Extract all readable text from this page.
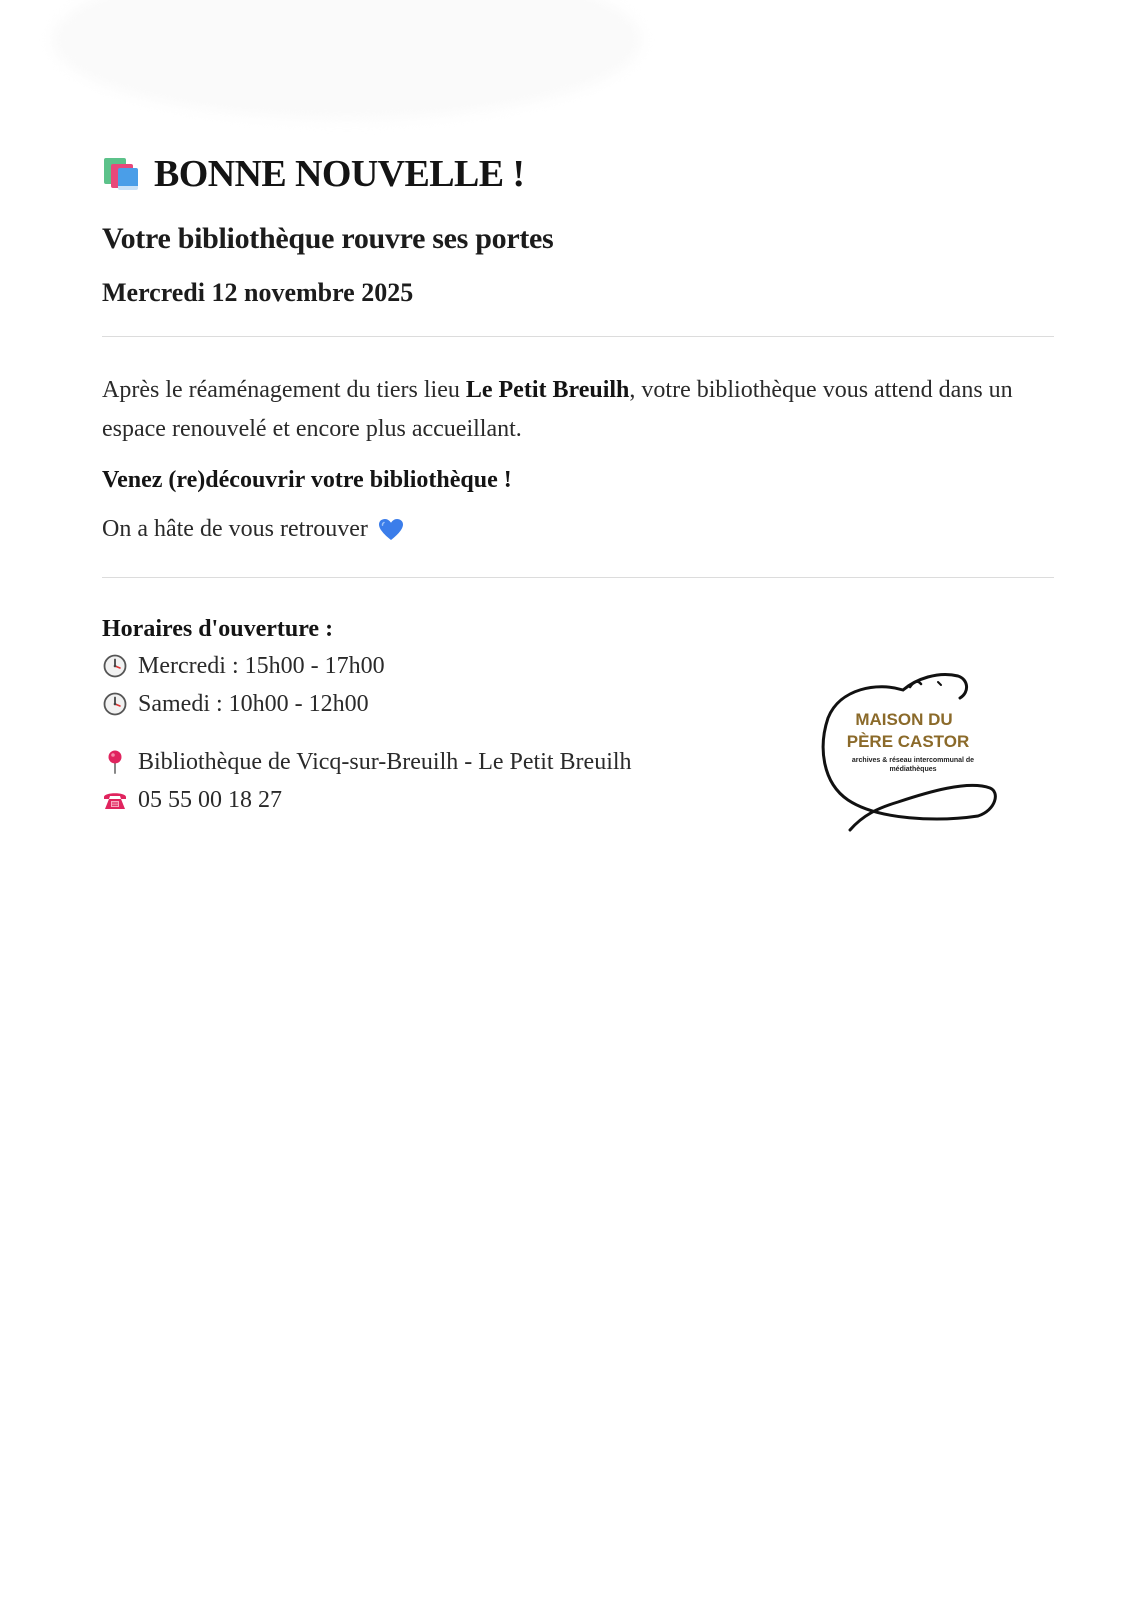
BONNE NOUVELLE !
Votre bibliothèque rouvre ses portes
Mercredi 12 novembre 2025

Après le réaménagement du tiers lieu Le Petit Breuilh, votre bibliothèque vous attend dans un espace renouvelé et encore plus accueillant.

Venez (re)découvrir votre bibliothèque !

On a hâte de vous retrouver

Horaires d'ouverture :

Mercredi : 15h00 - 17h00
Samedi : 10h00 - 12h00
Bibliothèque de Vicq-sur-Breuilh - Le Petit Breuilh
05 55 00 18 27
MAISON DU
PÈRE CASTOR
archives & réseau intercommunal de médiathèques
